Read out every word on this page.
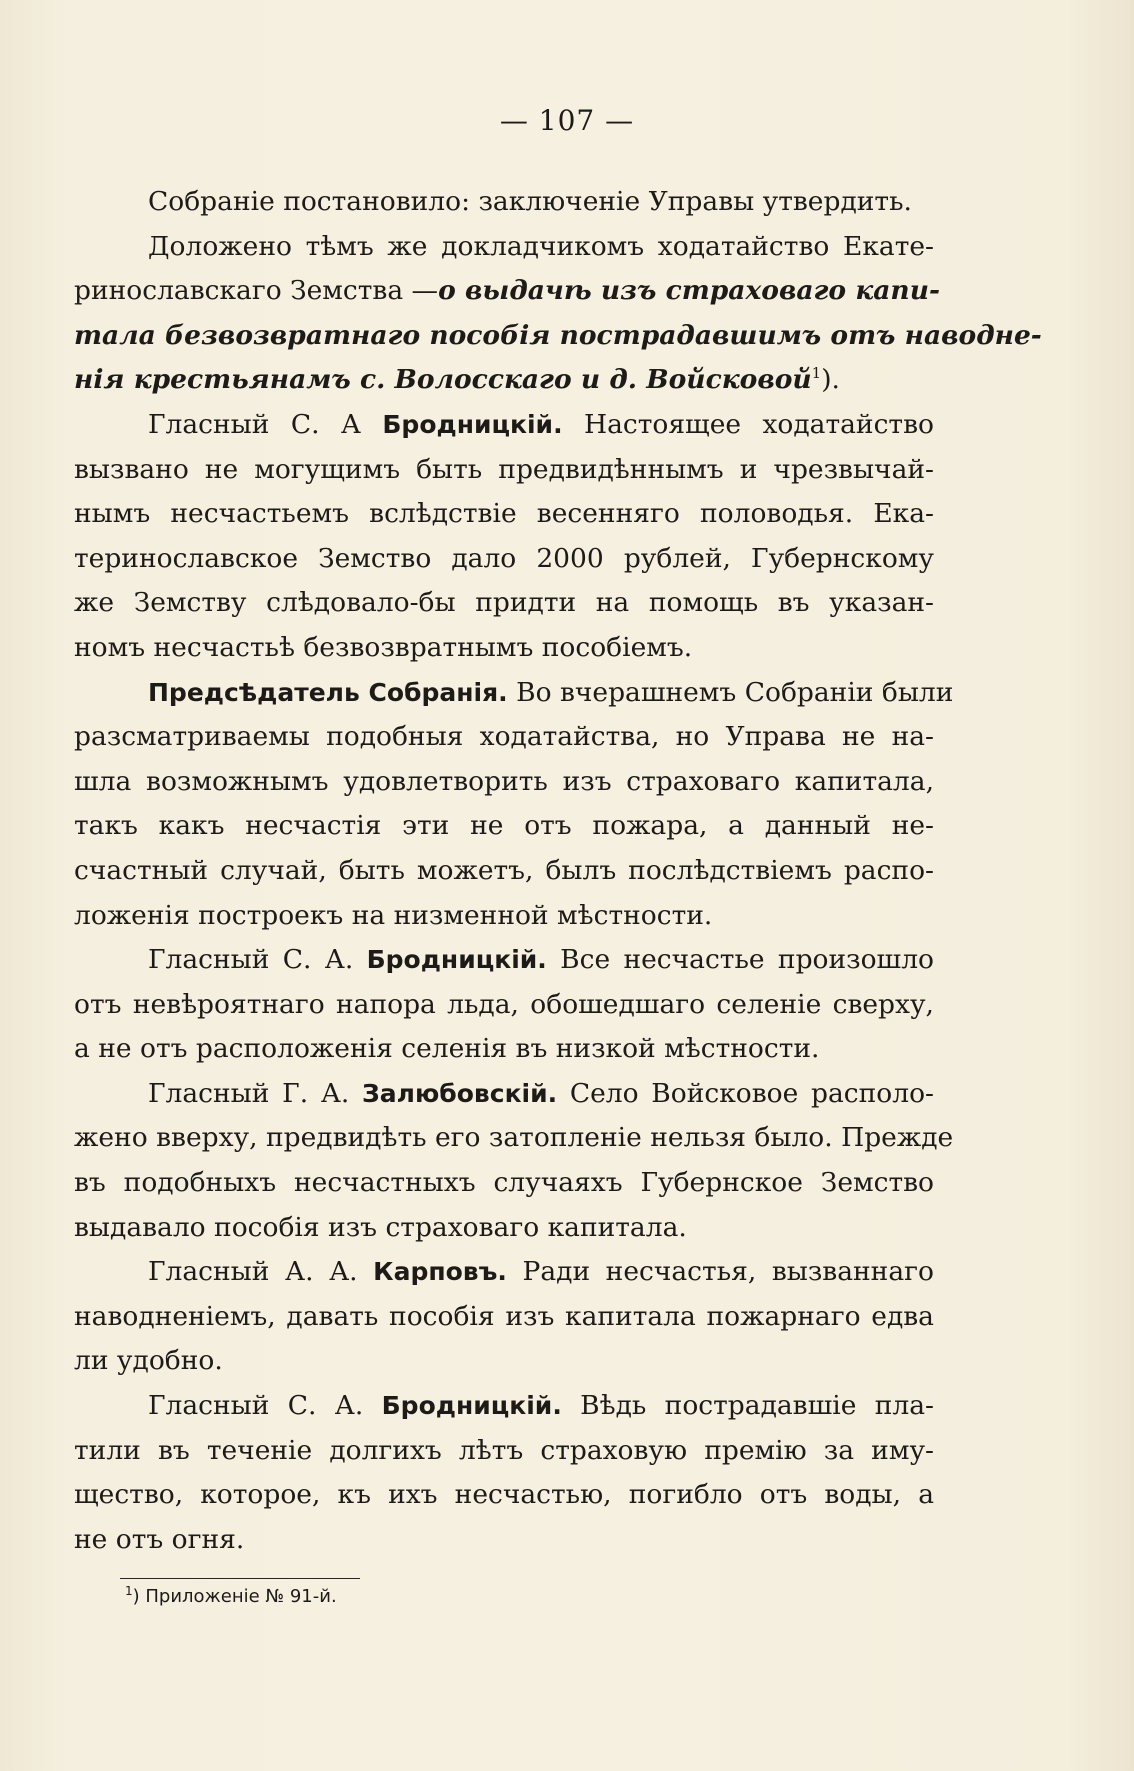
— 107 —
Собраніе постановило: заключеніе Управы утвердить.
Доложено тѣмъ же докладчикомъ ходатайство Екате-
ринославскаго Земства —о выдачѣ изъ страховаго капи-
тала безвозвратнаго пособія пострадавшимъ отъ наводне-
нія крестьянамъ с. Волосскаго и д. Войсковой$^1$).
Гласный С. А Бродницкій. Настоящее ходатайство
вызвано не могущимъ быть предвидѣннымъ и чрезвычай-
нымъ несчастьемъ вслѣдствіе весенняго половодья. Ека-
теринославское Земство дало 2000 рублей, Губернскому
же Земству слѣдовало-бы придти на помощь въ указан-
номъ несчастьѣ безвозвратнымъ пособіемъ.
Предсѣдатель Собранія. Во вчерашнемъ Собраніи были
разсматриваемы подобныя ходатайства, но Управа не на-
шла возможнымъ удовлетворить изъ страховаго капитала,
такъ какъ несчастія эти не отъ пожара, а данный не-
счастный случай, быть можетъ, былъ послѣдствіемъ распо-
ложенія построекъ на низменной мѣстности.
Гласный С. А. Бродницкій. Все несчастье произошло
отъ невѣроятнаго напора льда, обошедшаго селеніе сверху,
а не отъ расположенія селенія въ низкой мѣстности.
Гласный Г. А. Залюбовскій. Село Войсковое располо-
жено вверху, предвидѣть его затопленіе нельзя было. Прежде
въ подобныхъ несчастныхъ случаяхъ Губернское Земство
выдавало пособія изъ страховаго капитала.
Гласный А. А. Карповъ. Ради несчастья, вызваннаго
наводненіемъ, давать пособія изъ капитала пожарнаго едва
ли удобно.
Гласный С. А. Бродницкій. Вѣдь пострадавшіе пла-
тили въ теченіе долгихъ лѣтъ страховую премію за иму-
щество, которое, къ ихъ несчастью, погибло отъ воды, а
не отъ огня.
$^1$) Приложеніе № 91-й.
